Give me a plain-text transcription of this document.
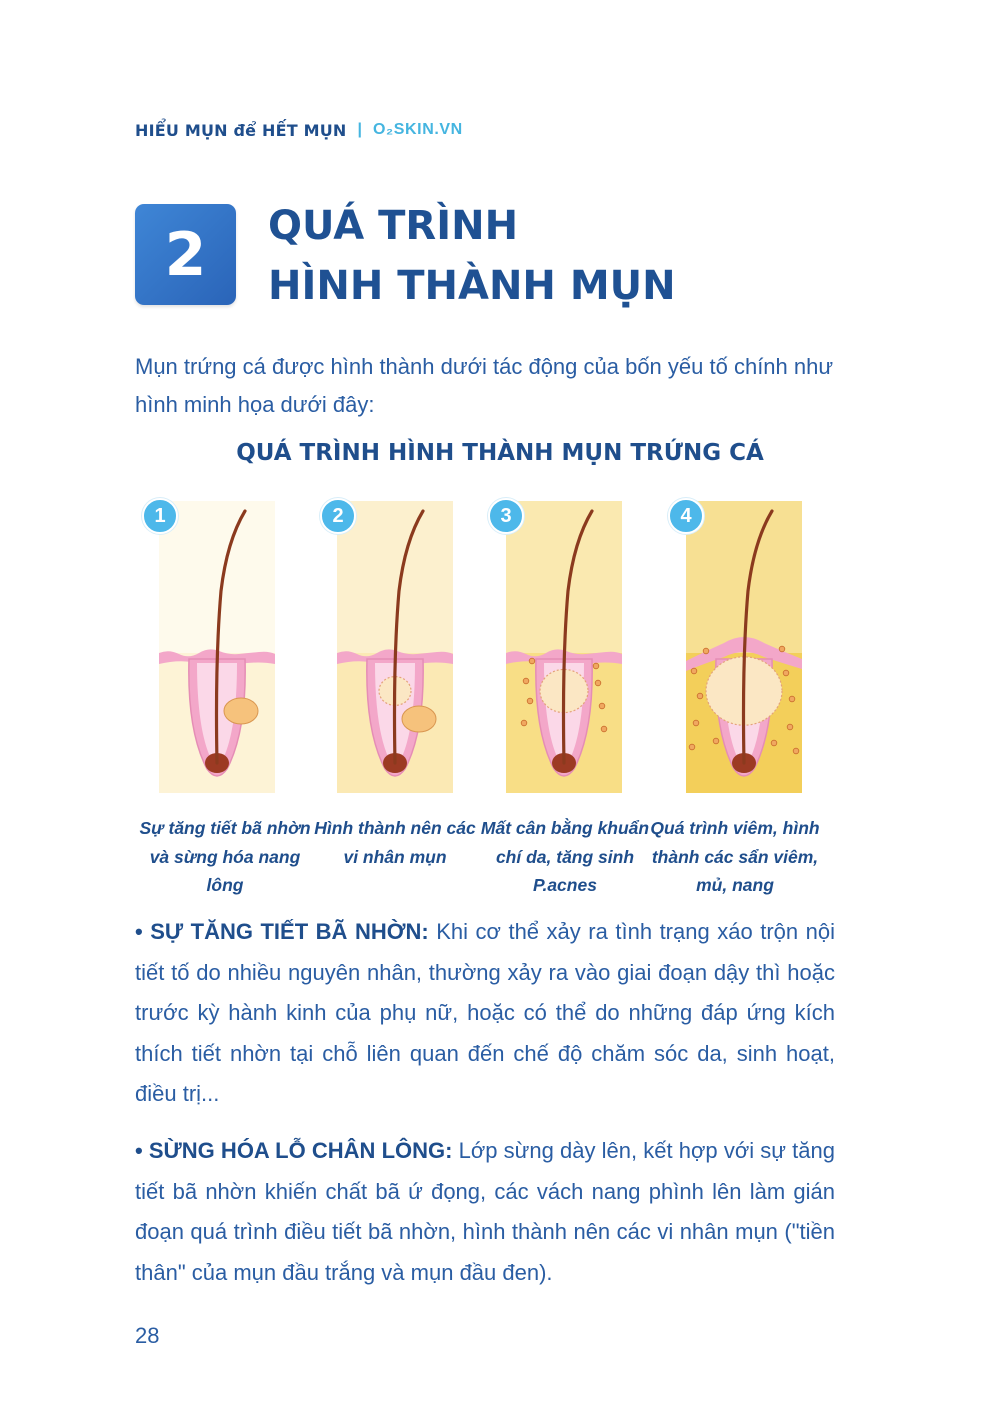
HIỂU MỤN để HẾT MỤN | O₂SKIN.VN
2 QUÁ TRÌNH
HÌNH THÀNH MỤN

Mụn trứng cá được hình thành dưới tác động của bốn yếu tố chính như hình minh họa dưới đây:

QUÁ TRÌNH HÌNH THÀNH MỤN TRỨNG CÁ
1
Sự tăng tiết bã nhờn và sừng hóa nang lông
2
Hình thành nên các vi nhân mụn
3
Mất cân bằng khuẩn chí da, tăng sinh P.acnes
4
Quá trình viêm, hình thành các sẩn viêm, mủ, nang

• SỰ TĂNG TIẾT BÃ NHỜN: Khi cơ thể xảy ra tình trạng xáo trộn nội tiết tố do nhiều nguyên nhân, thường xảy ra vào giai đoạn dậy thì hoặc trước kỳ hành kinh của phụ nữ, hoặc có thể do những đáp ứng kích thích tiết nhờn tại chỗ liên quan đến chế độ chăm sóc da, sinh hoạt, điều trị...

• SỪNG HÓA LỖ CHÂN LÔNG: Lớp sừng dày lên, kết hợp với sự tăng tiết bã nhờn khiến chất bã ứ đọng, các vách nang phình lên làm gián đoạn quá trình điều tiết bã nhờn, hình thành nên các vi nhân mụn ("tiền thân" của mụn đầu trắng và mụn đầu đen).

28
